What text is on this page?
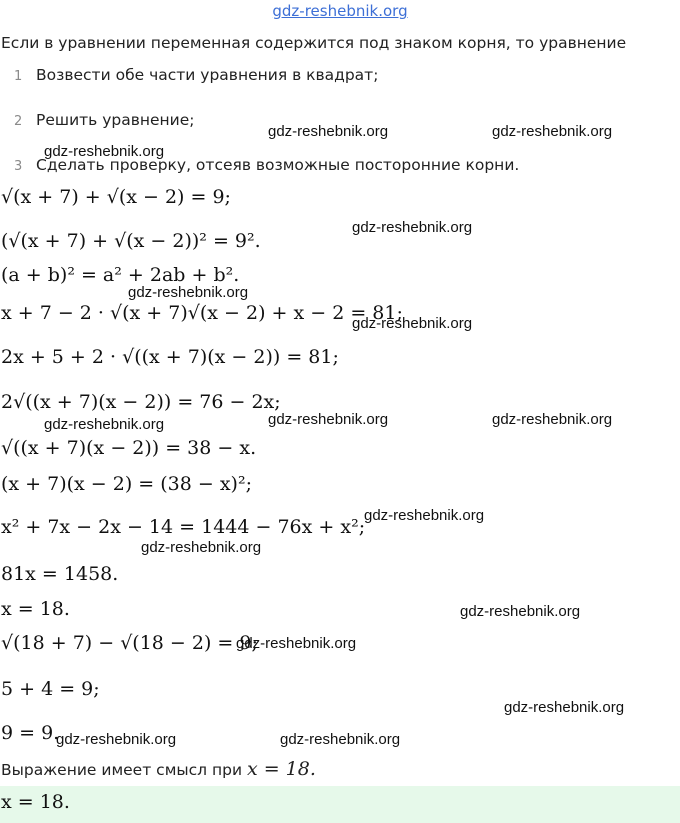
gdz-reshebnik.org
Если в уравнении переменная содержится под знаком корня, то уравнение
1 Возвести обе части уравнения в квадрат;
2 Решить уравнение;
3 Сделать проверку, отсеяв возможные посторонние корни.
√(x + 7) + √(x − 2) = 9;
(√(x + 7) + √(x − 2))² = 9².
(a + b)² = a² + 2ab + b².
x + 7 − 2 · √(x + 7)√(x − 2) + x − 2 = 81;
2x + 5 + 2 · √((x + 7)(x − 2)) = 81;
2√((x + 7)(x − 2)) = 76 − 2x;
√((x + 7)(x − 2)) = 38 − x.
(x + 7)(x − 2) = (38 − x)²;
x² + 7x − 2x − 14 = 1444 − 76x + x²;
81x = 1458.
x = 18.
√(18 + 7) − √(18 − 2) = 9;
5 + 4 = 9;
9 = 9.
Выражение имеет смысл при x = 18.
x = 18.
gdz-reshebnik.org	gdz-reshebnik.org
gdz-reshebnik.org
gdz-reshebnik.org
gdz-reshebnik.org
gdz-reshebnik.org
gdz-reshebnik.org	gdz-reshebnik.org
gdz-reshebnik.org
gdz-reshebnik.org
gdz-reshebnik.org
gdz-reshebnik.org
gdz-reshebnik.org
gdz-reshebnik.org
gdz-reshebnik.org	gdz-reshebnik.org
